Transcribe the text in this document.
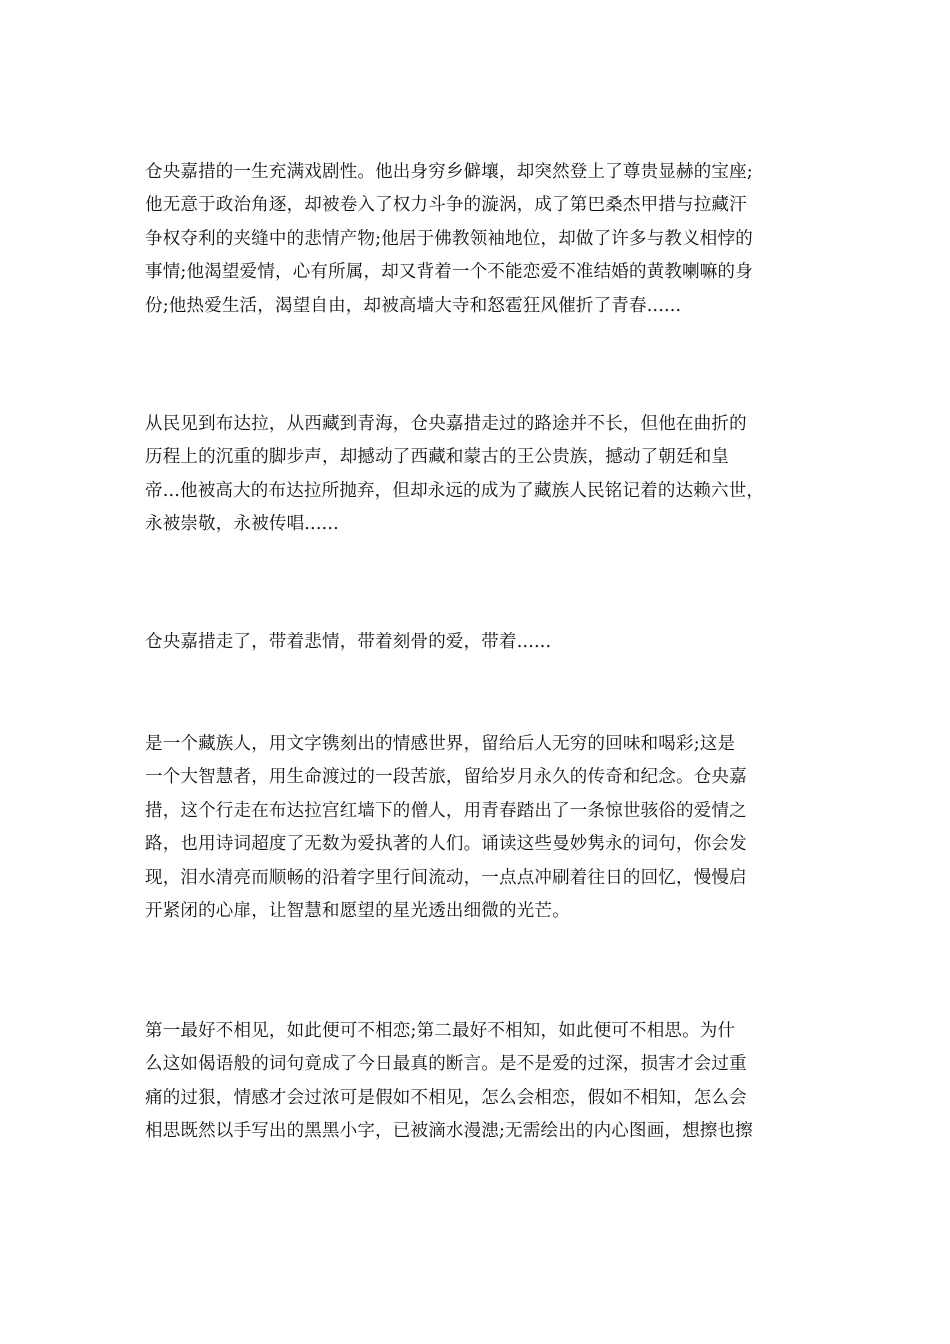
仓央嘉措的一生充满戏剧性。他出身穷乡僻壤，却突然登上了尊贵显赫的宝座;
他无意于政治角逐，却被卷入了权力斗争的漩涡，成了第巴桑杰甲措与拉藏汗
争权夺利的夹缝中的悲情产物;他居于佛教领袖地位，却做了许多与教义相悖的
事情;他渴望爱情，心有所属，却又背着一个不能恋爱不准结婚的黄教喇嘛的身
份;他热爱生活，渴望自由，却被高墙大寺和怒雹狂风催折了青春......

从民见到布达拉，从西藏到青海，仓央嘉措走过的路途并不长，但他在曲折的
历程上的沉重的脚步声，却撼动了西藏和蒙古的王公贵族，撼动了朝廷和皇
帝...他被高大的布达拉所抛弃，但却永远的成为了藏族人民铭记着的达赖六世，
永被崇敬，永被传唱......

仓央嘉措走了，带着悲情，带着刻骨的爱，带着......

是一个藏族人，用文字镌刻出的情感世界，留给后人无穷的回味和喝彩;这是
一个大智慧者，用生命渡过的一段苦旅，留给岁月永久的传奇和纪念。仓央嘉
措，这个行走在布达拉宫红墙下的僧人，用青春踏出了一条惊世骇俗的爱情之
路，也用诗词超度了无数为爱执著的人们。诵读这些曼妙隽永的词句，你会发
现，泪水清亮而顺畅的沿着字里行间流动，一点点冲刷着往日的回忆，慢慢启
开紧闭的心扉，让智慧和愿望的星光透出细微的光芒。

第一最好不相见，如此便可不相恋;第二最好不相知，如此便可不相思。为什
么这如偈语般的词句竟成了今日最真的断言。是不是爱的过深，损害才会过重
痛的过狠，情感才会过浓可是假如不相见，怎么会相恋，假如不相知，怎么会
相思既然以手写出的黑黑小字，已被滴水漫漶;无需绘出的内心图画，想擦也擦
